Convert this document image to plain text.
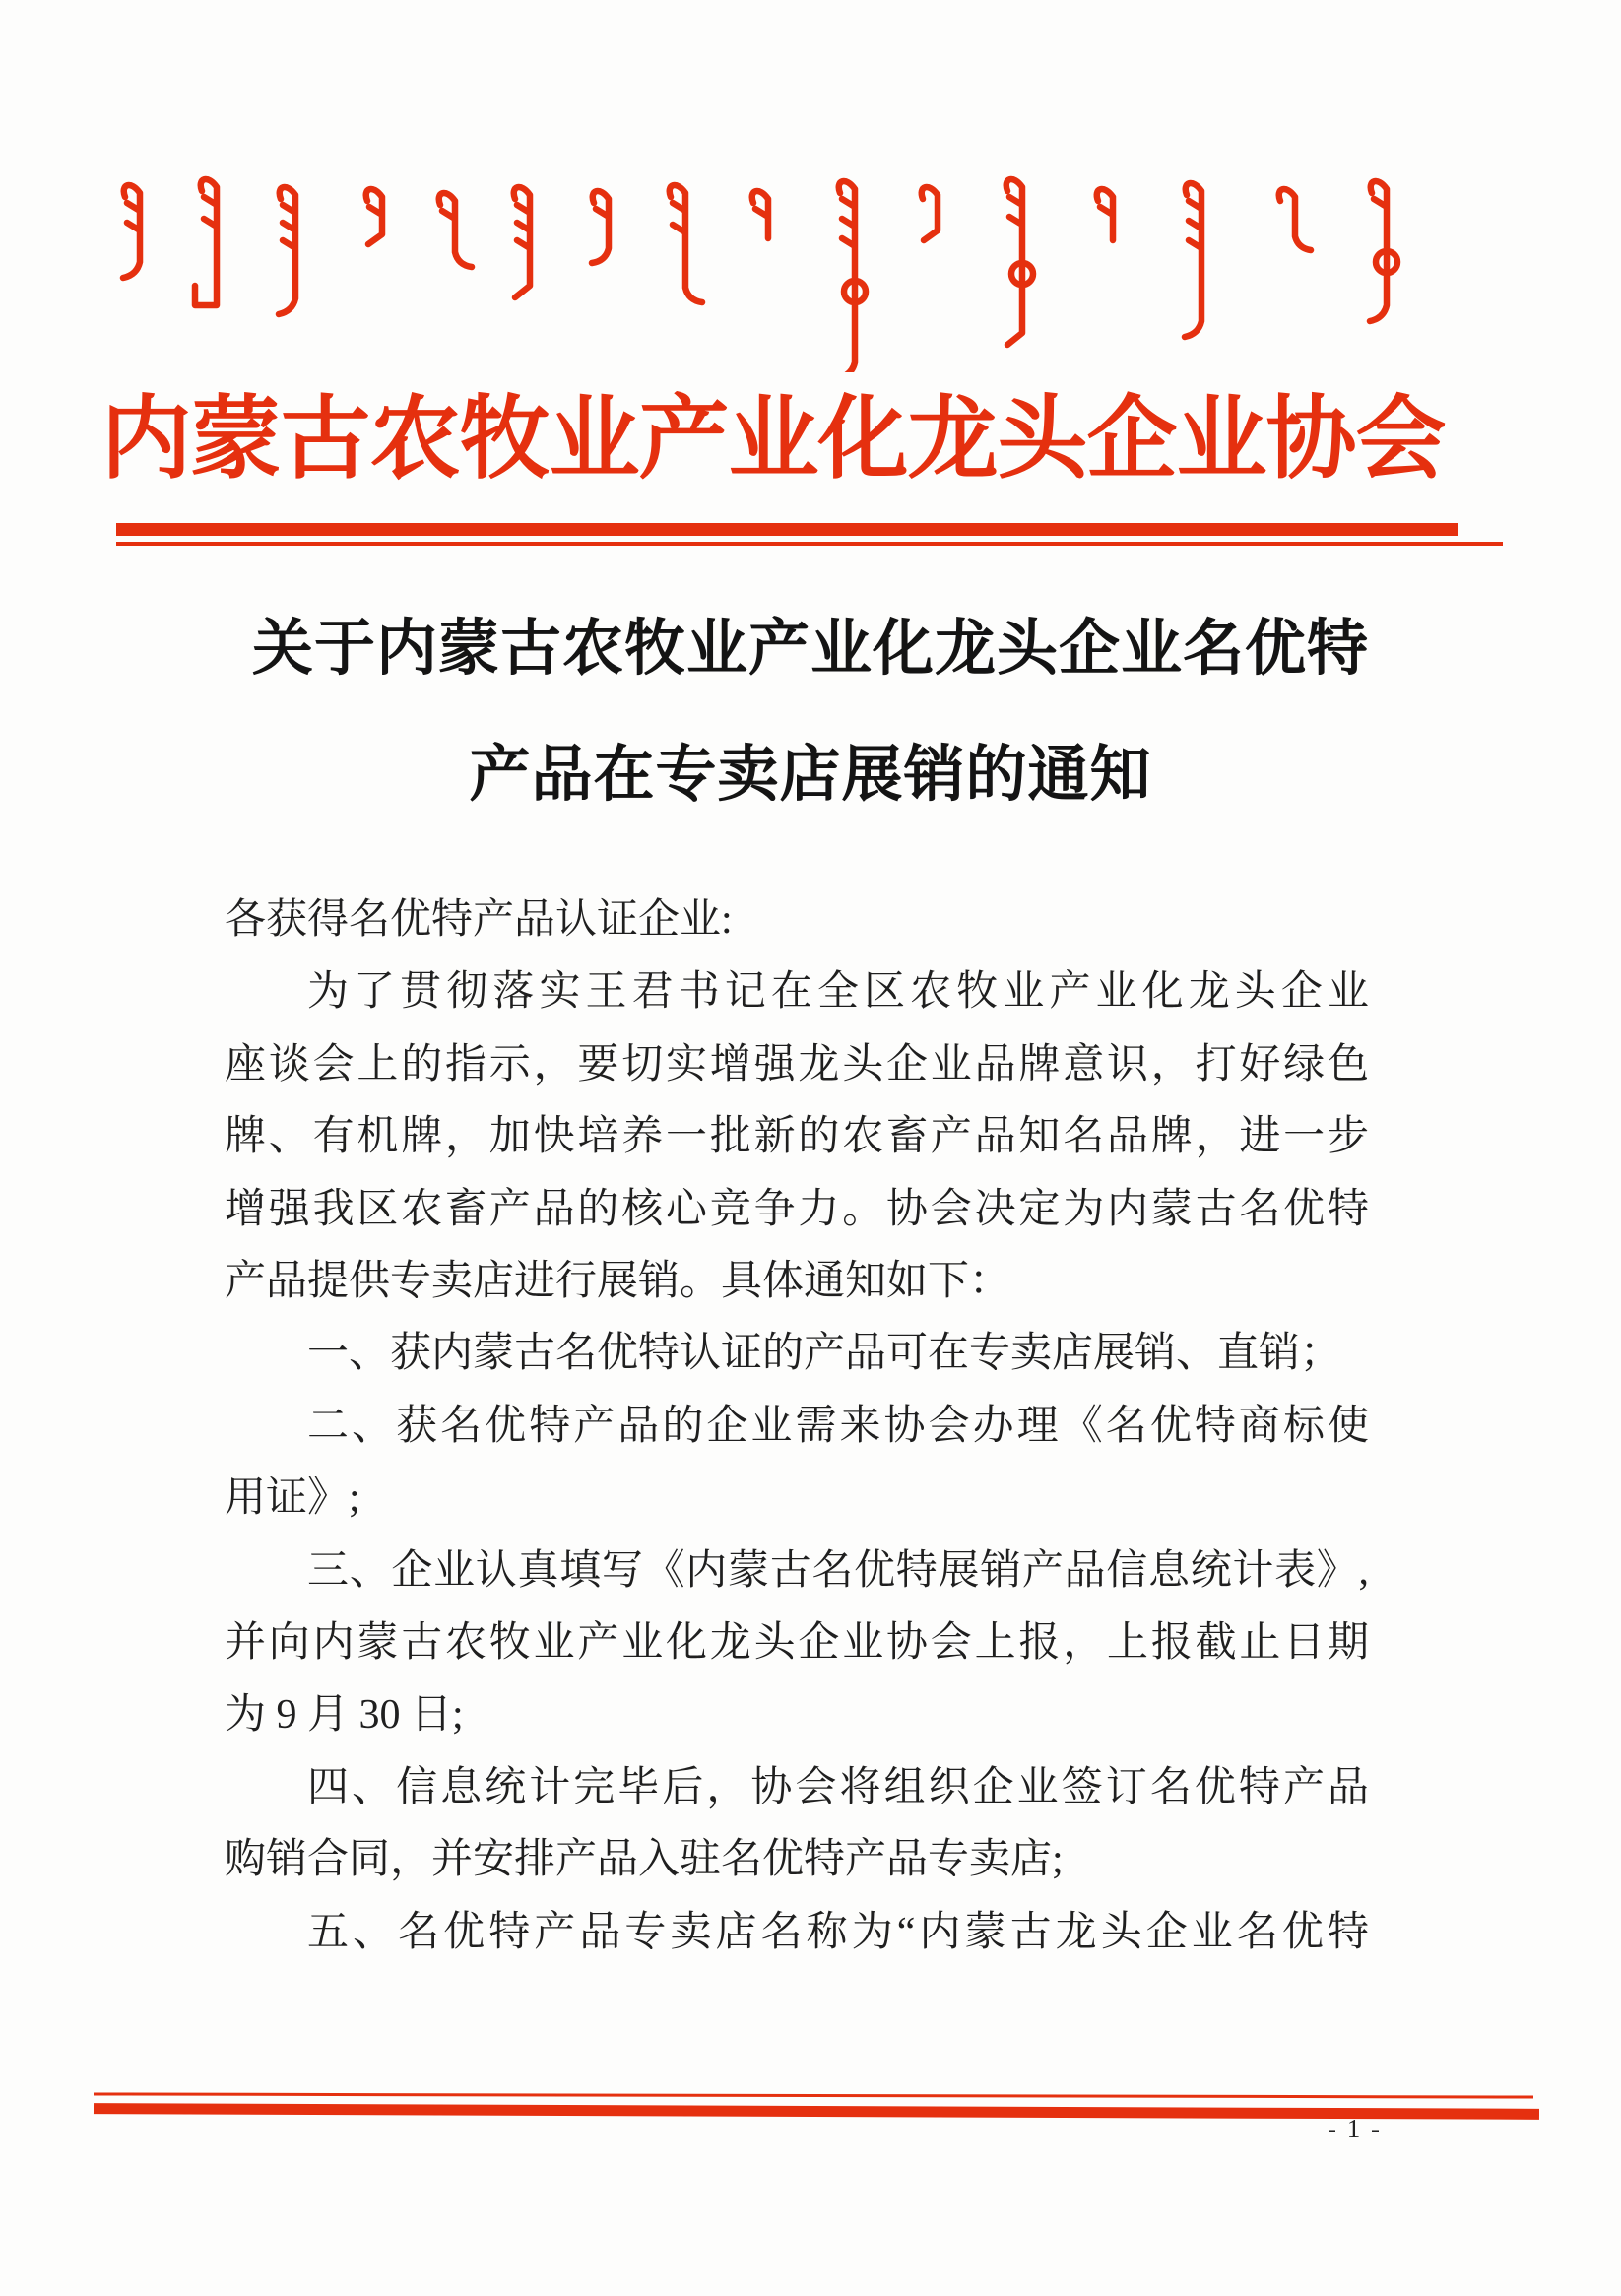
内蒙古农牧业产业化龙头企业协会
关于内蒙古农牧业产业化龙头企业名优特
产品在专卖店展销的通知
各获得名优特产品认证企业:
为了贯彻落实王君书记在全区农牧业产业化龙头企业
座谈会上的指示，要切实增强龙头企业品牌意识，打好绿色
牌、有机牌，加快培养一批新的农畜产品知名品牌，进一步
增强我区农畜产品的核心竞争力。协会决定为内蒙古名优特
产品提供专卖店进行展销。具体通知如下：
一、获内蒙古名优特认证的产品可在专卖店展销、直销；
二、获名优特产品的企业需来协会办理《名优特商标使
用证》;
三、企业认真填写《内蒙古名优特展销产品信息统计表》,
并向内蒙古农牧业产业化龙头企业协会上报，上报截止日期
为 9 月 30 日;
四、信息统计完毕后，协会将组织企业签订名优特产品
购销合同，并安排产品入驻名优特产品专卖店;
五、名优特产品专卖店名称为“内蒙古龙头企业名优特
- 1 -
